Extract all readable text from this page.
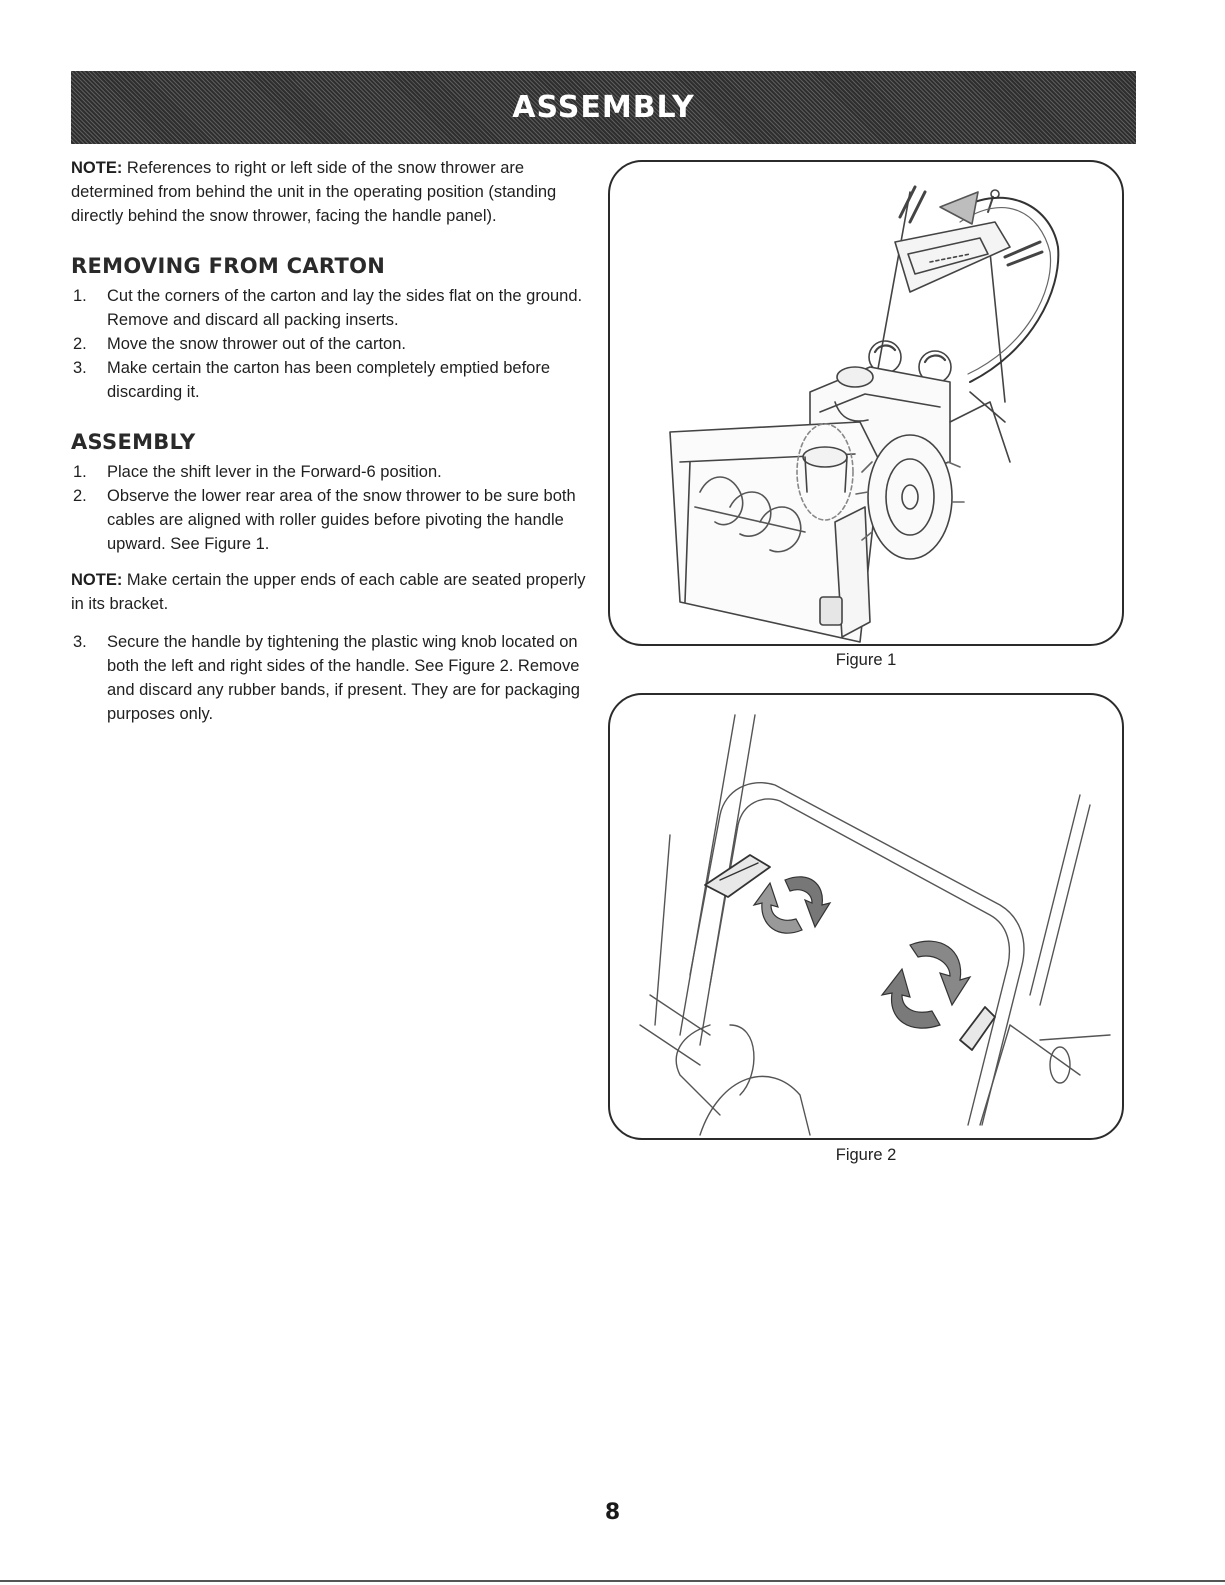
ASSEMBLY

NOTE: References to right or left side of the snow thrower are determined from behind the unit in the operating position (standing directly behind the snow thrower, facing the handle panel).

REMOVING FROM CARTON
1. Cut the corners of the carton and lay the sides flat on the ground. Remove and discard all packing inserts.
2. Move the snow thrower out of the carton.
3. Make certain the carton has been completely emptied before discarding it.
ASSEMBLY
1. Place the shift lever in the Forward-6 position.
2. Observe the lower rear area of the snow thrower to be sure both cables are aligned with roller guides before pivoting the handle upward. See Figure 1.

NOTE: Make certain the upper ends of each cable are seated properly in its bracket.

3. Secure the handle by tightening the plastic wing knob located on both the left and right sides of the handle. See Figure 2. Remove and discard any rubber bands, if present. They are for packaging purposes only.
Figure 1
Figure 2
8
